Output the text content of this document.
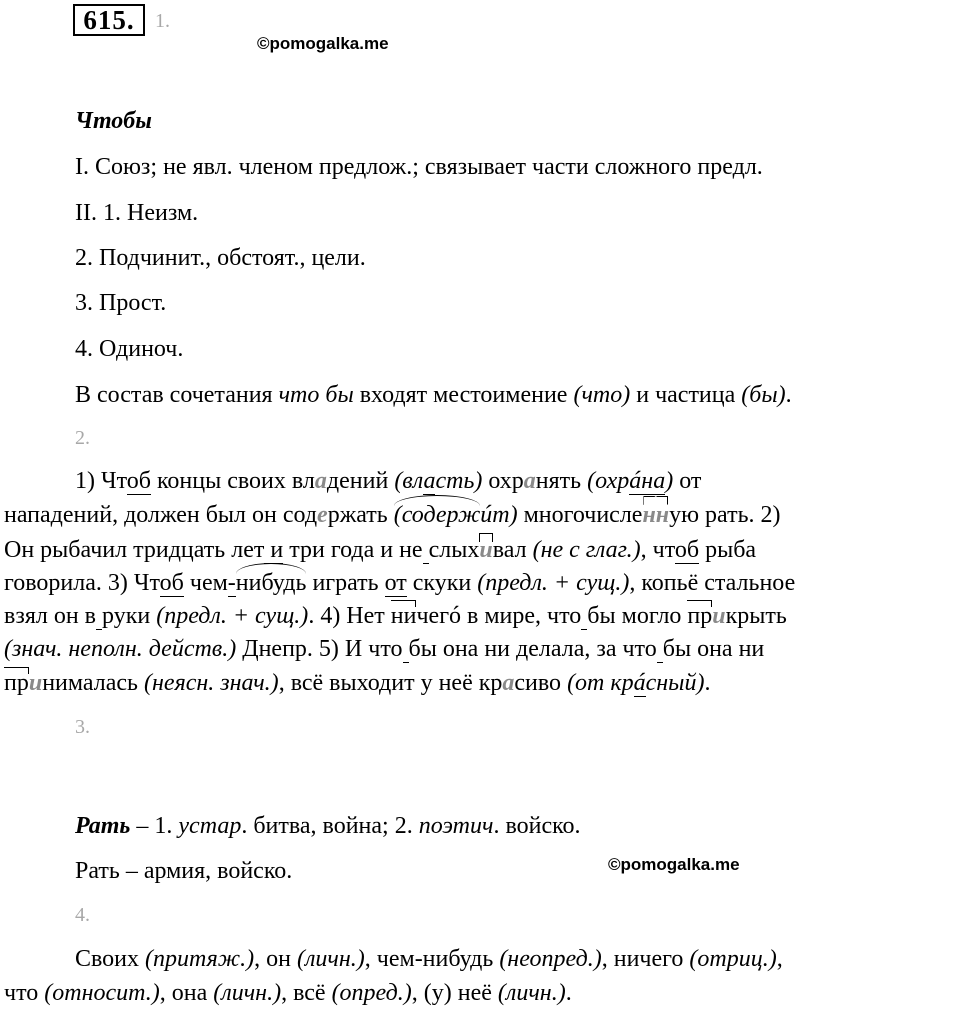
615.	1.
©pomogalka.me
Чтобы
I. Союз; не явл. членом предлож.; связывает части сложного предл.
II. 1. Неизм.
2. Подчинит., обстоят., цели.
3. Прост.
4. Одиноч.
В состав сочетания что бы входят местоимение (что) и частица (бы).
2.
1) Чтоб концы своих владений (власть) охранять (охрáна) от
нападений, должен был он содержать (содержúт) многочисленную рать. 2)
Он рыбачил тридцать лет и три года и не слыхивал (не с глаг.), чтоб рыба
говорила. 3) Чтоб чем-нибудь играть от скуки (предл. + сущ.), копьё стальное
взял он в руки (предл. + сущ.). 4) Нет ничегó в мире, что бы могло прикрыть
(знач. неполн. действ.) Днепр. 5) И что бы она ни делала, за что бы она ни
принималась (неясн. знач.), всё выходит у неё красиво (от крáсный).
3.
Рать – 1. устар. битва, война; 2. поэтич. войско.
Рать – армия, войско.	©pomogalka.me
4.
Своих (притяж.), он (личн.), чем-нибудь (неопред.), ничего (отриц.),
что (относит.), она (личн.), всё (опред.), (у) неё (личн.).
